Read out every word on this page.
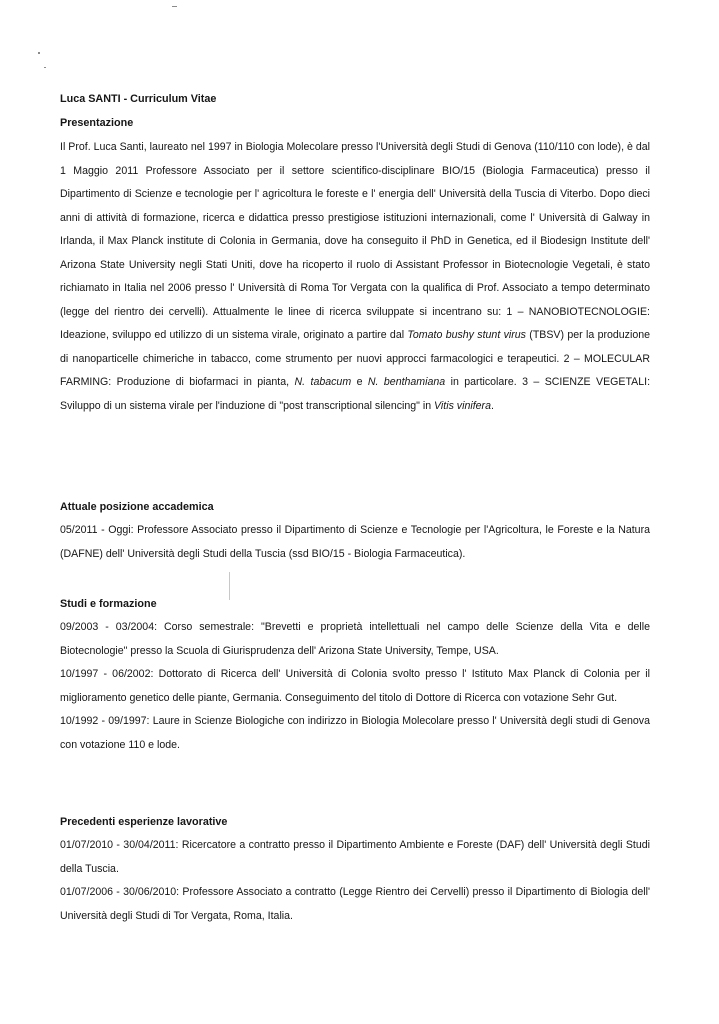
Luca SANTI - Curriculum Vitae
Presentazione
Il Prof. Luca Santi, laureato nel 1997 in Biologia Molecolare presso l'Università degli Studi di Genova (110/110 con lode), è dal 1 Maggio 2011 Professore Associato per il settore scientifico-disciplinare BIO/15 (Biologia Farmaceutica) presso il Dipartimento di Scienze e tecnologie per l' agricoltura le foreste e l' energia dell' Università della Tuscia di Viterbo. Dopo dieci anni di attività di formazione, ricerca e didattica presso prestigiose istituzioni internazionali, come l' Università di Galway in Irlanda, il Max Planck institute di Colonia in Germania, dove ha conseguito il PhD in Genetica, ed il Biodesign Institute dell' Arizona State University negli Stati Uniti, dove ha ricoperto il ruolo di Assistant Professor in Biotecnologie Vegetali, è stato richiamato in Italia nel 2006 presso l' Università di Roma Tor Vergata con la qualifica di Prof. Associato a tempo determinato (legge del rientro dei cervelli). Attualmente le linee di ricerca sviluppate si incentrano su: 1 – NANOBIOTECNOLOGIE: Ideazione, sviluppo ed utilizzo di un sistema virale, originato a partire dal Tomato bushy stunt virus (TBSV) per la produzione di nanoparticelle chimeriche in tabacco, come strumento per nuovi approcci farmacologici e terapeutici. 2 – MOLECULAR FARMING: Produzione di biofarmaci in pianta, N. tabacum e N. benthamiana in particolare. 3 – SCIENZE VEGETALI: Sviluppo di un sistema virale per l'induzione di "post transcriptional silencing" in Vitis vinifera.
Attuale posizione accademica
05/2011 - Oggi: Professore Associato presso il Dipartimento di Scienze e Tecnologie per l'Agricoltura, le Foreste e la Natura (DAFNE) dell' Università degli Studi della Tuscia (ssd BIO/15 - Biologia Farmaceutica).
Studi e formazione
09/2003 - 03/2004: Corso semestrale: "Brevetti e proprietà intellettuali nel campo delle Scienze della Vita e delle Biotecnologie" presso la Scuola di Giurisprudenza dell' Arizona State University, Tempe, USA.
10/1997 - 06/2002: Dottorato di Ricerca dell' Università di Colonia svolto presso l' Istituto Max Planck di Colonia per il miglioramento genetico delle piante, Germania. Conseguimento del titolo di Dottore di Ricerca con votazione Sehr Gut.
10/1992 - 09/1997: Laure in Scienze Biologiche con indirizzo in Biologia Molecolare presso l' Università degli studi di Genova con votazione 110 e lode.
Precedenti esperienze lavorative
01/07/2010 - 30/04/2011: Ricercatore a contratto presso il Dipartimento Ambiente e Foreste (DAF) dell' Università degli Studi della Tuscia.
01/07/2006 - 30/06/2010: Professore Associato a contratto (Legge Rientro dei Cervelli) presso il Dipartimento di Biologia dell' Università degli Studi di Tor Vergata, Roma, Italia.
